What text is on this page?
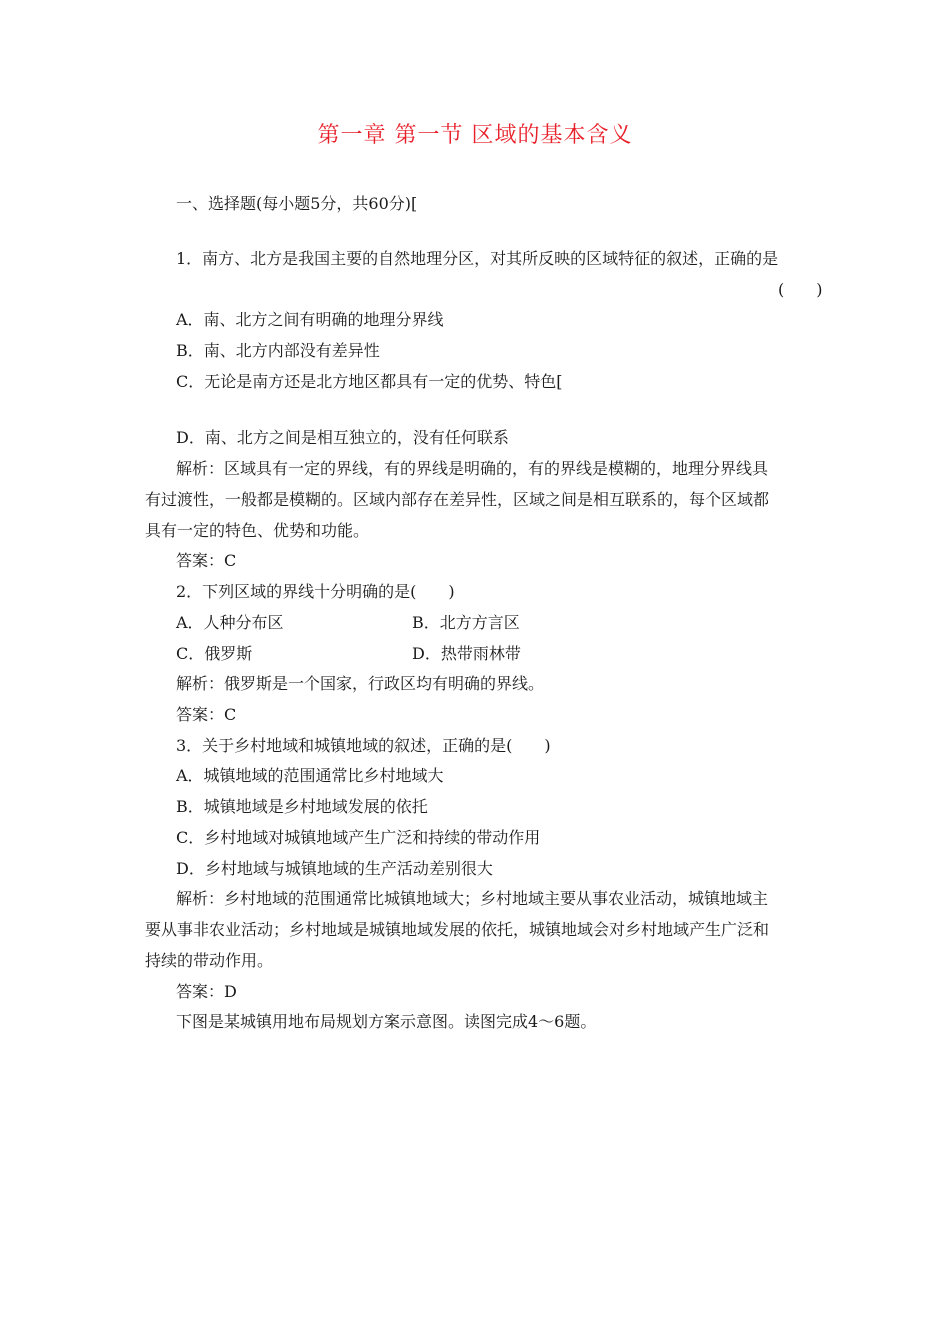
第一章 第一节 区域的基本含义
一、选择题(每小题5分，共60分)[
1．南方、北方是我国主要的自然地理分区，对其所反映的区域特征的叙述，正确的是
(　　)
A．南、北方之间有明确的地理分界线
B．南、北方内部没有差异性
C．无论是南方还是北方地区都具有一定的优势、特色[
D．南、北方之间是相互独立的，没有任何联系
解析：区域具有一定的界线，有的界线是明确的，有的界线是模糊的，地理分界线具
有过渡性，一般都是模糊的。区域内部存在差异性，区域之间是相互联系的，每个区域都
具有一定的特色、优势和功能。
答案：C
2．下列区域的界线十分明确的是(　　)
A．人种分布区	B．北方方言区
C．俄罗斯	D．热带雨林带
解析：俄罗斯是一个国家，行政区均有明确的界线。
答案：C
3．关于乡村地域和城镇地域的叙述，正确的是(　　)
A．城镇地域的范围通常比乡村地域大
B．城镇地域是乡村地域发展的依托
C．乡村地域对城镇地域产生广泛和持续的带动作用
D．乡村地域与城镇地域的生产活动差别很大
解析：乡村地域的范围通常比城镇地域大；乡村地域主要从事农业活动，城镇地域主
要从事非农业活动；乡村地域是城镇地域发展的依托，城镇地域会对乡村地域产生广泛和
持续的带动作用。
答案：D
下图是某城镇用地布局规划方案示意图。读图完成4～6题。
